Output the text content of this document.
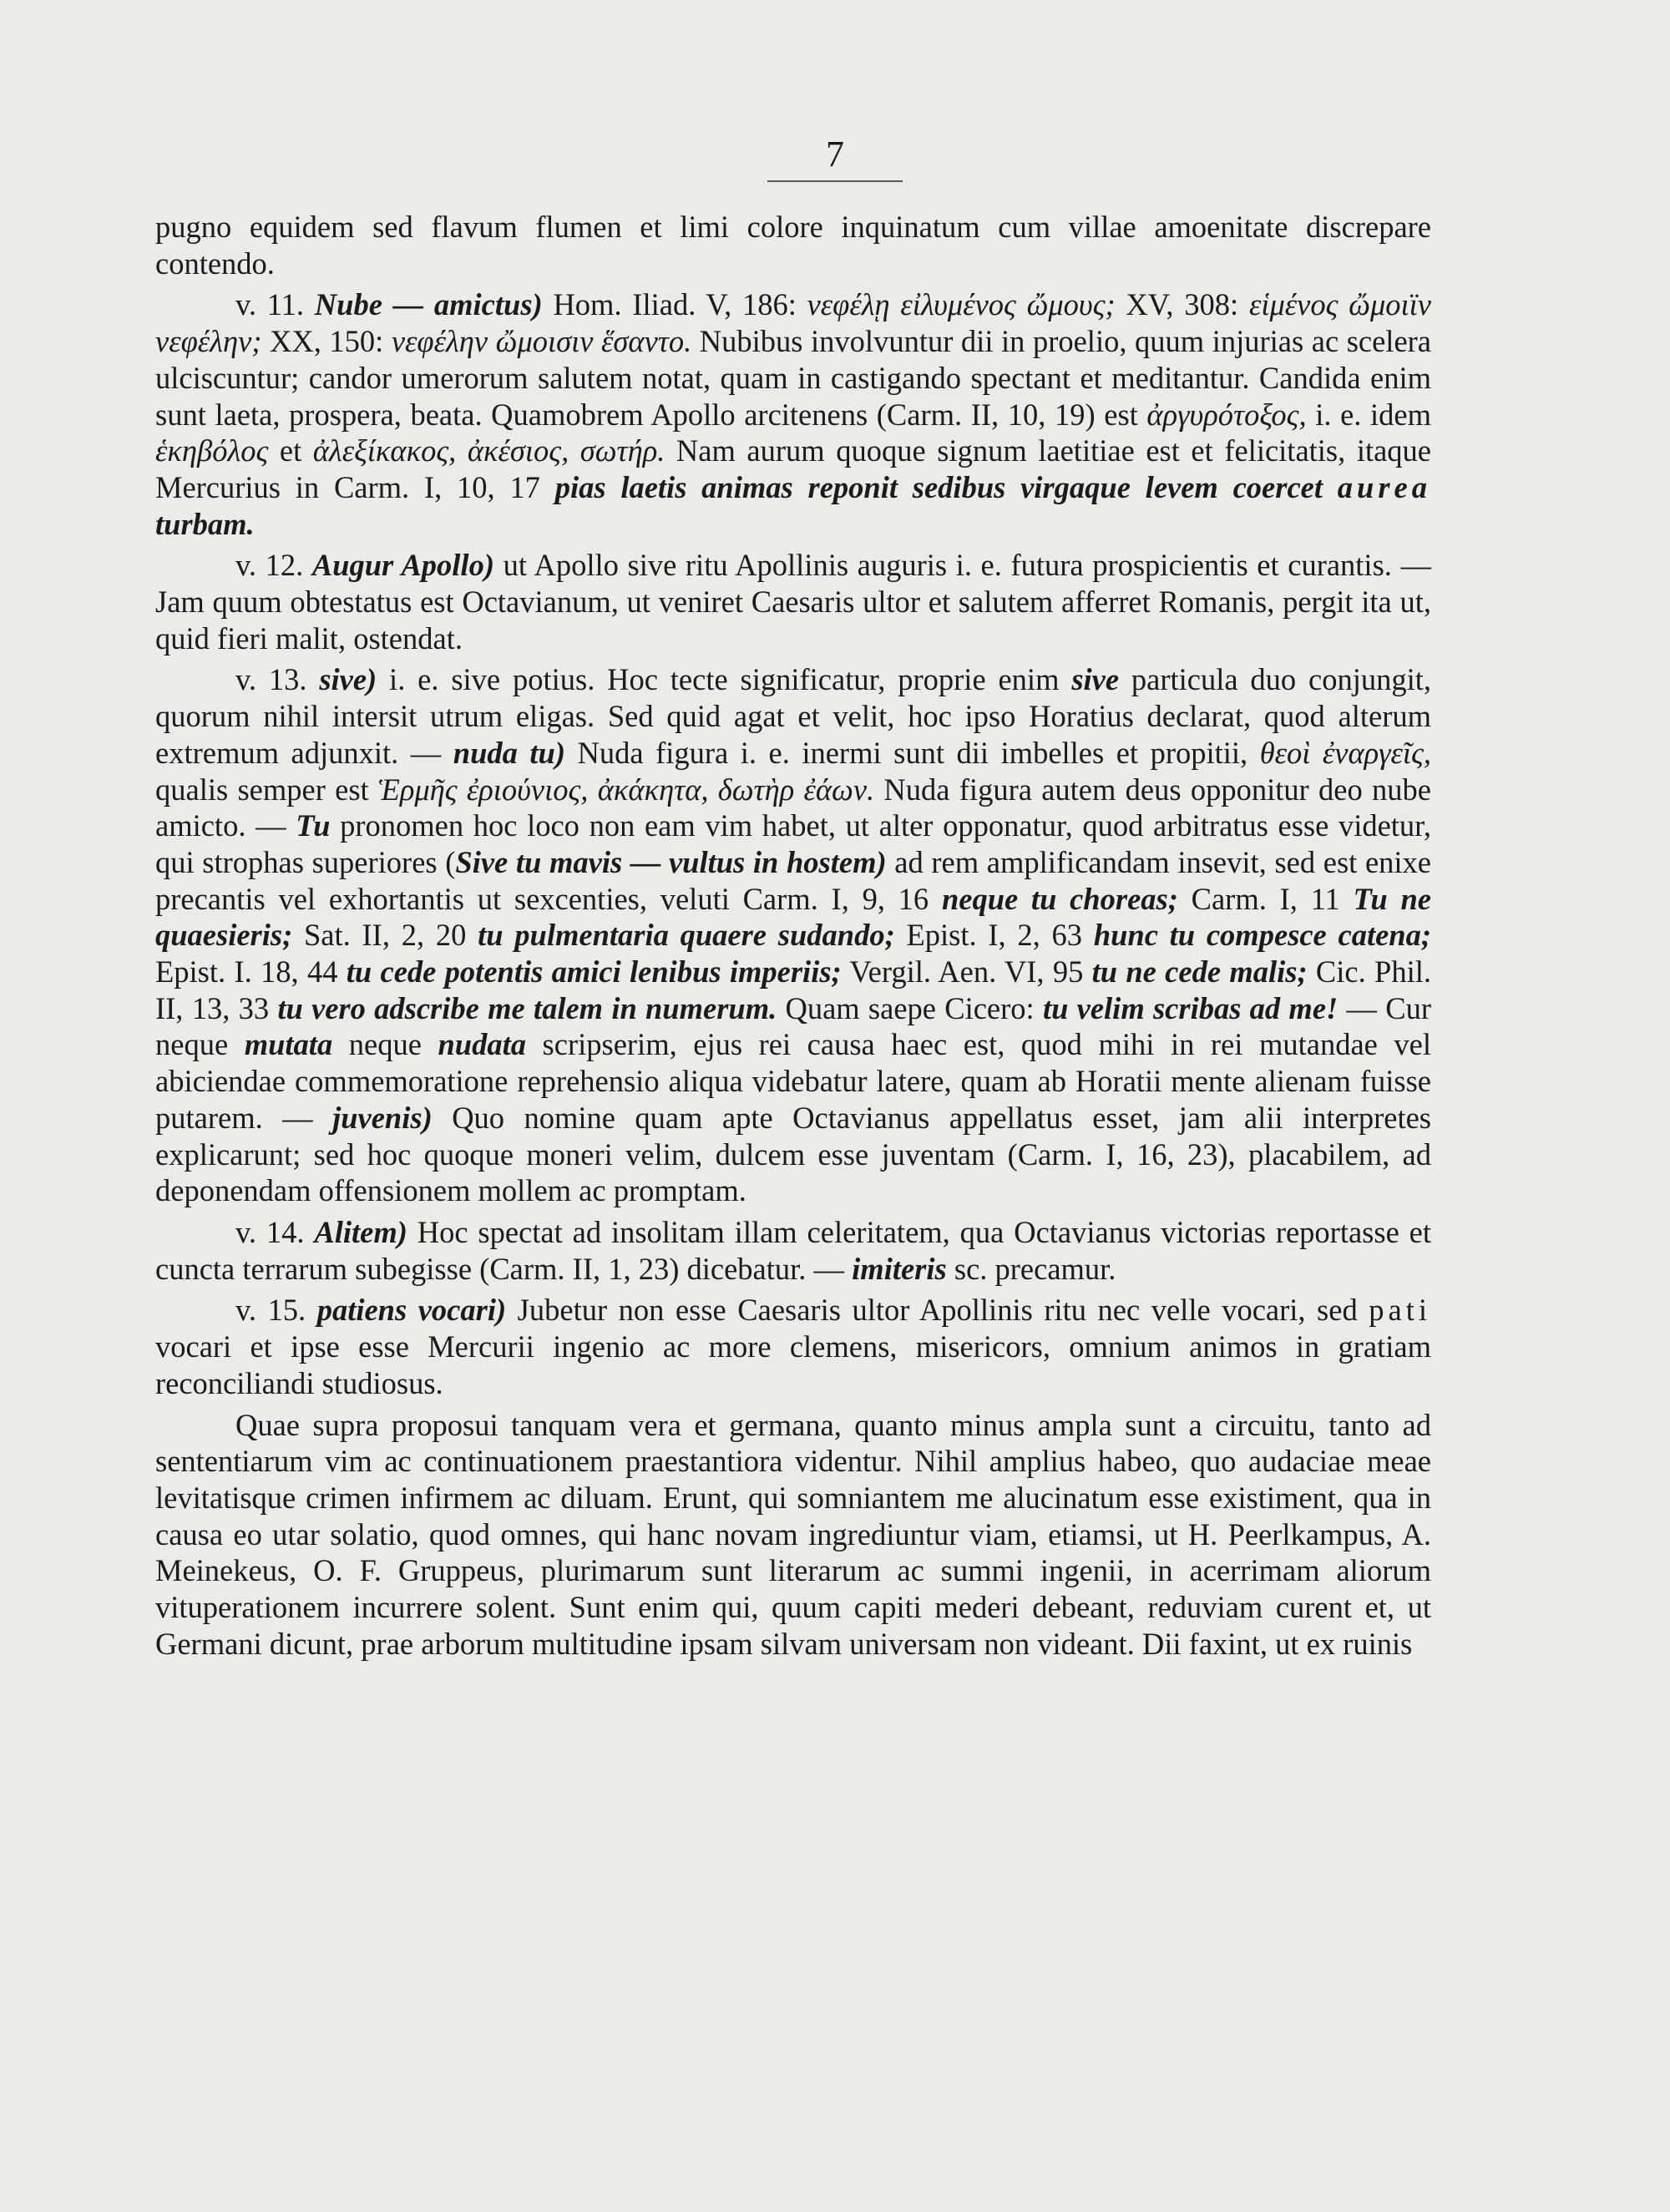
7

pugno equidem sed flavum flumen et limi colore inquinatum cum villae amoenitate discrepare contendo.

v. 11. Nube — amictus) Hom. Iliad. V, 186: νεφέλῃ εἰλυμένος ὤμους; XV, 308: εἱμένος ὤμοιϊν νεφέλην; XX, 150: νεφέλην ὤμοισιν ἕσαντο. Nubibus involvuntur dii in proelio, quum injurias ac scelera ulciscuntur; candor umerorum salutem notat, quam in castigando spectant et meditantur. Candida enim sunt laeta, prospera, beata. Quamobrem Apollo arcitenens (Carm. II, 10, 19) est ἀργυρότοξος, i. e. idem ἑκηβόλος et ἀλεξίκακος, ἀκέσιος, σωτήρ. Nam aurum quoque signum laetitiae est et felicitatis, itaque Mercurius in Carm. I, 10, 17 pias laetis animas reponit sedibus virgaque levem coercet aurea turbam.

v. 12. Augur Apollo) ut Apollo sive ritu Apollinis auguris i. e. futura prospicientis et curantis. — Jam quum obtestatus est Octavianum, ut veniret Caesaris ultor et salutem afferret Romanis, pergit ita ut, quid fieri malit, ostendat.

v. 13. sive) i. e. sive potius. Hoc tecte significatur, proprie enim sive particula duo conjungit, quorum nihil intersit utrum eligas. Sed quid agat et velit, hoc ipso Horatius declarat, quod alterum extremum adjunxit. — nuda tu) Nuda figura i. e. inermi sunt dii imbelles et propitii, θεοὶ ἐναργεῖς, qualis semper est Ἑρμῆς ἐριούνιος, ἀκάκητα, δωτὴρ ἐάων. Nuda figura autem deus opponitur deo nube amicto. — Tu pronomen hoc loco non eam vim habet, ut alter opponatur, quod arbitratus esse videtur, qui strophas superiores (Sive tu mavis — vultus in hostem) ad rem amplificandam insevit, sed est enixe precantis vel exhortantis ut sexcenties, veluti Carm. I, 9, 16 neque tu choreas; Carm. I, 11 Tu ne quaesieris; Sat. II, 2, 20 tu pulmentaria quaere sudando; Epist. I, 2, 63 hunc tu compesce catena; Epist. I. 18, 44 tu cede potentis amici lenibus imperiis; Vergil. Aen. VI, 95 tu ne cede malis; Cic. Phil. II, 13, 33 tu vero adscribe me talem in numerum. Quam saepe Cicero: tu velim scribas ad me! — Cur neque mutata neque nudata scripserim, ejus rei causa haec est, quod mihi in rei mutandae vel abiciendae commemoratione reprehensio aliqua videbatur latere, quam ab Horatii mente alienam fuisse putarem. — juvenis) Quo nomine quam apte Octavianus appellatus esset, jam alii interpretes explicarunt; sed hoc quoque moneri velim, dulcem esse juventam (Carm. I, 16, 23), placabilem, ad deponendam offensionem mollem ac promptam.

v. 14. Alitem) Hoc spectat ad insolitam illam celeritatem, qua Octavianus victorias reportasse et cuncta terrarum subegisse (Carm. II, 1, 23) dicebatur. — imiteris sc. precamur.

v. 15. patiens vocari) Jubetur non esse Caesaris ultor Apollinis ritu nec velle vocari, sed pati vocari et ipse esse Mercurii ingenio ac more clemens, misericors, omnium animos in gratiam reconciliandi studiosus.

Quae supra proposui tanquam vera et germana, quanto minus ampla sunt a circuitu, tanto ad sententiarum vim ac continuationem praestantiora videntur. Nihil amplius habeo, quo audaciae meae levitatisque crimen infirmem ac diluam. Erunt, qui somniantem me alucinatum esse existiment, qua in causa eo utar solatio, quod omnes, qui hanc novam ingrediuntur viam, etiamsi, ut H. Peerlkampus, A. Meinekeus, O. F. Gruppeus, plurimarum sunt literarum ac summi ingenii, in acerrimam aliorum vituperationem incurrere solent. Sunt enim qui, quum capiti mederi debeant, reduviam curent et, ut Germani dicunt, prae arborum multitudine ipsam silvam universam non videant. Dii faxint, ut ex ruinis
